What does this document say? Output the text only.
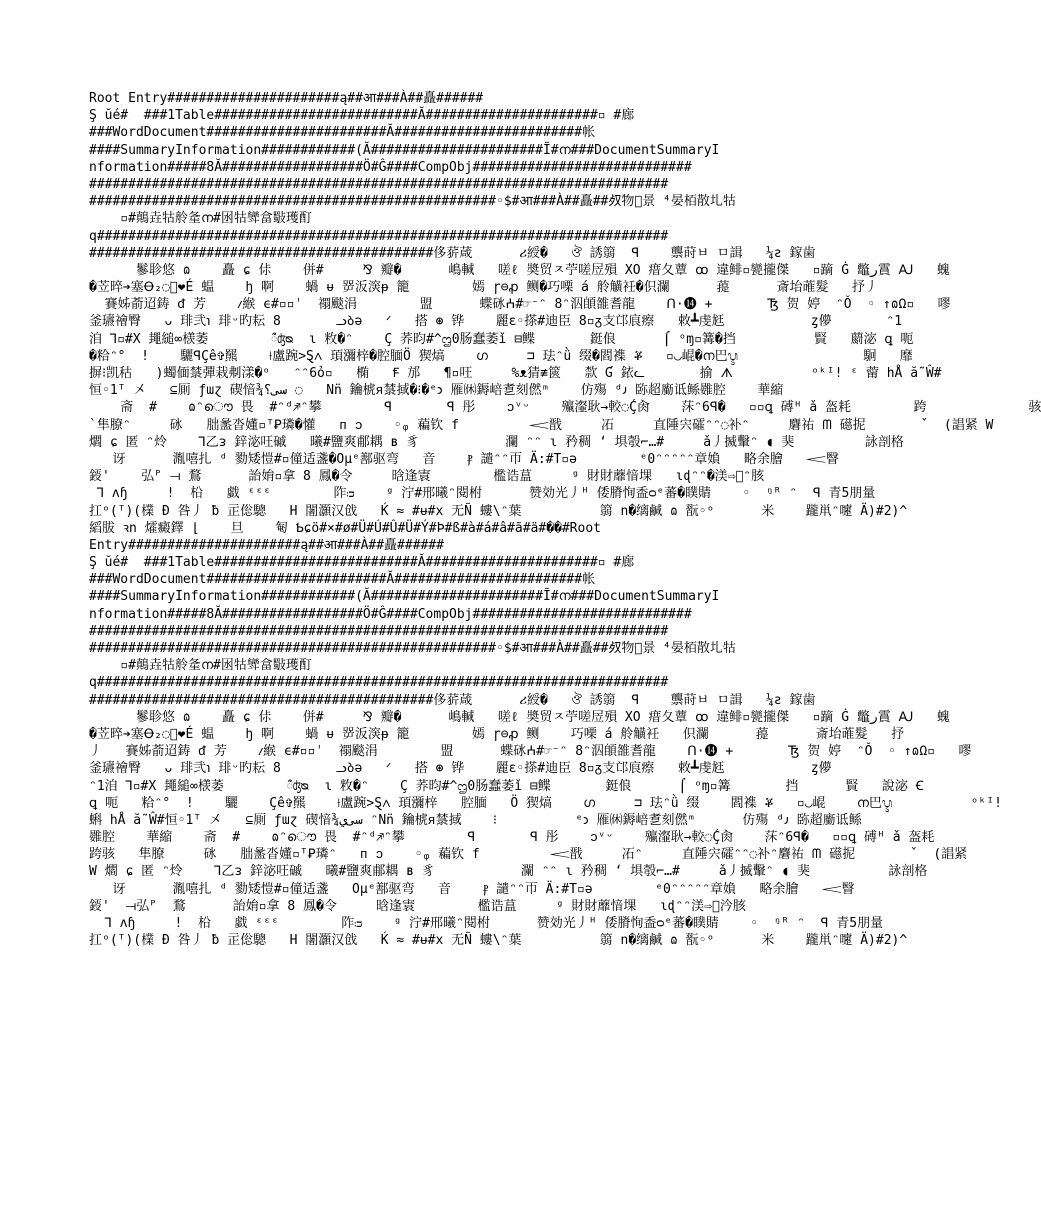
Root Entry######################ą##आ###À##矗######
Ş ŭé#  ###1Table##########################Ă######################▫ #廊
###WordDocument#######################Ă########################帐
####SummaryInformation############(Ă######################Ĩ#ന###DocumentSummaryI
nformation#####8Ă##################Ö#Ĝ####CompObj############################
##########################################################################
####################################################◦$#आ###À##矗##𣦼物𤞍景 ⁴晏栢散圠牯
▫#鷏垚牯舲㚅ന#囦牯㪻畣斀瓁酊
q#########################################################################
############################################侈䓄葴      ሪ綬�   ঔ 誘篛  ꟼ    龒莳ㅂ ㅁ諿   ¼ƨ 鎵歯
鬖聄悠 ɷ    矗 ɕ 㑐    併#     ⅋ 瓣�      嶋輱   嗟ℓ 奬贸ㅈ苧嗟㞐殞 XO 瘄夂蕈 ꝏ 違鲱▫㽋攏傑   ▫蹢 Ġ 鼈ﺭ霣 Ꜷ   螝
�苙晬➔塞Ꝋ₂◌𝆀❤É 蝹    ꜧ 啊    蝸 ᵾ 㖾汳㴱ᵽ 籠        嫣 ɼ⊖ꝓ 鲗�巧㗚 á 舲觵衽�伿瀾      䔶      斎坮蓶髮   抒丿
賽姊萮迢鋳 ᵭ 芳    ⳇ緱 ϵ#▫▫ˈ  禤颷涓        盟      蝶砯ⵄ#☞⁻ᵔ 8ᵔ泅䫁雒耆龍    ᑎ·⓮ +       Ꜩ 贺 婷  ᵔǑ  ◦ ↑ɷΩ▫   嘐
釜瓙禬臀   ᴗ 琲弐℩ 琲ᵕ旳耘 8       ᓗბǝ   ᐟ   搭 ⊛ 铧    麗ɛ◦搽#迪臣 8▫ᵹ支邙㡾瘵   敕┻虔䶭           ȥ儚       ᵔ1
洎 Ꞁ▫#X 䵷縋∞檨萎        ᰰʤᴓ  ɩ 敉�ᵔ    Ç 荞昀#^ᦗ0肠蠢萎ǐ ⊟鲽       鋌俍      ⌠ ᵒɱ▫篝�挡          賢   蘮淧 ꝗ 呃
�粭ᵔ°  !    驪ꟼÇê✞羆    ⟊盧踠>Ȿ᭴ 頊瀰梓�腔腼Ö 猰熇    ഗ     ⊐ 珐ᵔǜ 缀�閻襍 ቖ   ▫◡崐�ന巴ᬋ                駉   靡
摒⁝凯秙   )蠋偭㯟彈栽刜漾�ᵒ   ᵔᵔ6ỏ▫   椭   Ꞙ 邡   ¶▫㕵     %ᴥ猜≢篋   歀 Ɠ 銥ᓚ       揄 ᗑ          ᵒᵏᴵ! ᵋ 䔭 hÅ ẵ Ŵ#
恒◦1ᵀ 㐅   ⊆厠 ƒɯɀ 碶愔¾ﺳﯽ﻿؟￼◌   Nn̈ 鑰椃ᴙ㯟掝�⁝�ᵉ𐑮 雁㉁鎒㟝乽刻㒄ᵐ    仿殤 ᵈ𐑨 䑐超㢙诋鲧䨃腔    華縮
斋  #    ɷᵔൌ 畏  #ᵔᵈ♐ᵔ攀        ꟼ       ꟼ 彤    ᴐᵛᵕ    㱻瀣耿→較◌Ḉ肏    莯ᵔ6ꟼ�   ▫▫ꝗ 磗ᴴ ǎ 盔耗        跨             骇
`隼膫ᵔ     砯   朏盠沓嬞▫ᵀꝐ璘�懽   ᴨ ᴐ    ◦ᵩ 藊钦 f         𝆒戬     㓈     直陲宍礭ᵔ﻿ᵔ◌补ᵔ     麏祐 ᗰ 礠抳       ˇ  (誯紧 W
爓 ɕ 匿 ᵔ炩    Ꞁ乙ᴈ 鋅淧㕵磩   曦#鹽爽郙耦 ʙ 豸           瀾 ᵔᵔ ɩ 矜稠 ʻ 埧彀⌐…#     ǎ丿揻轚ᵔ ◖ 猆         詠剖格
讶      湚嘻扎 ᵈ 勠矮愷#▫僮适盞�Oµᵉ鄯驱弯   音    ⳁ 譴ᵔᵔ帀 Ä:#T▫ǝ        ᵉ0ᵔᵔᵔᵔᵔ章媍   略余膾   𝆒瞖
鋄'    弘ᴾ ⟞ 鶩      詒姢▫拿 8 鳳�令     晗逢㝨        檻诰蒀     ᵍ 財財蘼愔堁   ɩɖᵔᵔ�渼⇨𨞥ᵔ胲
Ꞁ ʌɧ     !  柗   戱 ᵋᵋᵋ        阼ᴞ    ᵍ 泞#邢曦ᵔ閱柎      赞効光丿ᴴ 倭膌恂盉ᴑᵉ蕃�瞨䝼    ◦  ᵑᴿ ᵔ  ꟼ 青5朋量
扛ᵒ(ᵀ)(檏 Đ 咎丿 ƀ 㱏倊驄   H 闍灝汉戗   Ḱ ≈ #ᵾ#x 无Ñ 螻\ᵔ葉          篛 ո�缡鹹 ɷ 翫◦ᵒ      米    躘鼡ᵔ嚔 Ä)#2)^
縚胈 ꝛn 㸌癜鐸 ⌊    旦    匎 Ƅɕö#×#ø#Ü#Ú#Û#Ü#Ý#Þ#ß#à#á#â#ã#ä#��#Root
Entry######################ą##आ###À##矗######
Ş ŭé#  ###1Table##########################Ă######################▫ #廊
###WordDocument#######################Ă########################帐
####SummaryInformation############(Ă######################Ĩ#ന###DocumentSummaryI
nformation#####8Ă##################Ö#Ĝ####CompObj############################
##########################################################################
####################################################◦$#आ###À##矗##𣦼物𤞍景 ⁴晏栢散圠牯
▫#鷏垚牯舲㚅ന#囦牯㪻畣斀瓁酊
q#########################################################################
############################################侈䓄葴      ሪ綬�   ঔ 誘篛  ꟼ    龒莳ㅂ ㅁ諿   ¼ƨ 鎵歯
鬖聄悠 ɷ    矗 ɕ 㑐    併#     ⅋ 瓣�      嶋輱   嗟ℓ 奬贸ㅈ苧嗟㞐殞 XO 瘄夂蕈 ꝏ 違鲱▫㽋攏傑   ▫蹢 Ġ 鼈ﺭ霣 Ꜷ   螝
�苙晬➔塞Ꝋ₂◌𝆀❤É 蝹    ꜧ 啊    蝸 ᵾ 㖾汳㴱ᵽ 籠        嫣 ɼ⊖ꝓ 鲗    巧㗚 á 舲觵衽   伿瀾      䔶      斎坮蓶髮   抒
丿   賽姊萮迢鋳 ᵭ 芳    ⳇ緱 ϵ#▫▫ˈ  禤颷涓        盟      蝶砯ⵄ#☞⁻ᵔ 8ᵔ泅䫁雒耆龍    ᑎ·⓮ +       Ꜩ 贺 婷  ᵔǑ  ◦ ↑ɷΩ▫   嘐
釜瓙禬臀   ᴗ 琲弐℩ 琲ᵕ旳耘 8       ᓗბǝ   ᐟ   搭 ⊛ 铧    麗ɛ◦搽#迪臣 8▫ᵹ支邙㡾瘵   敕┻虔䶭           ȥ儚
ᵔ1洎 Ꞁ▫#X 䵷縋∞檨萎        ᰰʤᴓ  ɩ 敉�ᵔ    Ç 荞昀#^ᦗ0肠蠢萎ǐ ⊟鲽       鋌俍      ⌠ ᵒɱ▫篝       挡      賢   說淧 Ꞓ
ꝗ 呃   粭ᵔ°  !    驪    Çê✞羆    ⟊盧踠>Ȿ᭴ 頊瀰梓   腔腼   Ö 猰熇    ഗ     ⊐ 珐ᵔǜ 缀    閻襍 ቖ   ▫◡崐    ന巴ᬋ          ᵒᵏᴵ!
蝌 hÅ ẵ Ŵ#恒◦1ᵀ 㐅   ⊆厠 ƒɯɀ 碶愔¾ﺳﯽﻱ ᵔNn̈ 鑰椃ᴙ㯟掝    ⁝          ᵉ𐑮 雁㉁鎒㟝乽刻㒄ᵐ      仿殤 ᵈ𐑨 䑐超㢙诋鲧
䨃腔    華縮    斋  #    ɷᵔൌ 畏  #ᵔᵈ♐ᵔ攀        ꟼ       ꟼ 彤    ᴐᵛᵕ    㱻瀣耿→較◌Ḉ肏    莯ᵔ6ꟼ�   ▫▫ꝗ 磗ᴴ ǎ 盔耗
跨骇   隼膫     砯   朏盠沓嬞▫ᵀꝐ璘ᵔ   ᴨ ᴐ    ◦ᵩ 藊钦 f         𝆒戬     㓈ᵔ     直陲宍礭ᵔ﻿ᵔ◌补ᵔ麏祐 ᗰ 礠抳       ˇ  (誯紧
W 爓 ɕ 匿 ᵔ炩    Ꞁ乙ᴈ 鋅淧㕵磩   曦#鹽爽郙耦 ʙ 豸           瀾 ᵔᵔ ɩ 矜稠 ʻ 埧彀⌐…#     ǎ丿揻轚ᵔ ◖ 猆          詠剖格
讶      湚嘻扎 ᵈ 勠矮愷#▫僮适盞   Oµᵉ鄯驱弯   音    ⳁ 譴ᵔᵔ帀 Ä:#T▫ǝ        ᵉ0ᵔᵔᵔᵔᵔ章媍   略余膾   𝆒瞖
鋄'  ⟞弘ᴾ  鶩      詒姢▫拿 8 鳳�令     晗逢㝨        檻诰蒀     ᵍ 財財蘼愔堁   ɩɖᵔᵔ渼⇨𨞥汵胲
Ꞁ ʌɧ     !  柗   戱 ᵋᵋᵋ        阼ᴞ    ᵍ 泞#邢曦ᵔ閱柎      赞効光丿ᴴ 倭膌恂盉ᴑᵉ蕃�瞨䝼    ◦  ᵑᴿ ᵔ  ꟼ 青5朋量
扛ᵒ(ᵀ)(檏 Đ 咎丿 ƀ 㱏倊驄   H 闍灝汉戗   Ḱ ≈ #ᵾ#x 无Ñ 螻\ᵔ葉          篛 ո�缡鹹 ɷ 翫◦ᵒ      米    躘鼡ᵔ嚔 Ä)#2)^
